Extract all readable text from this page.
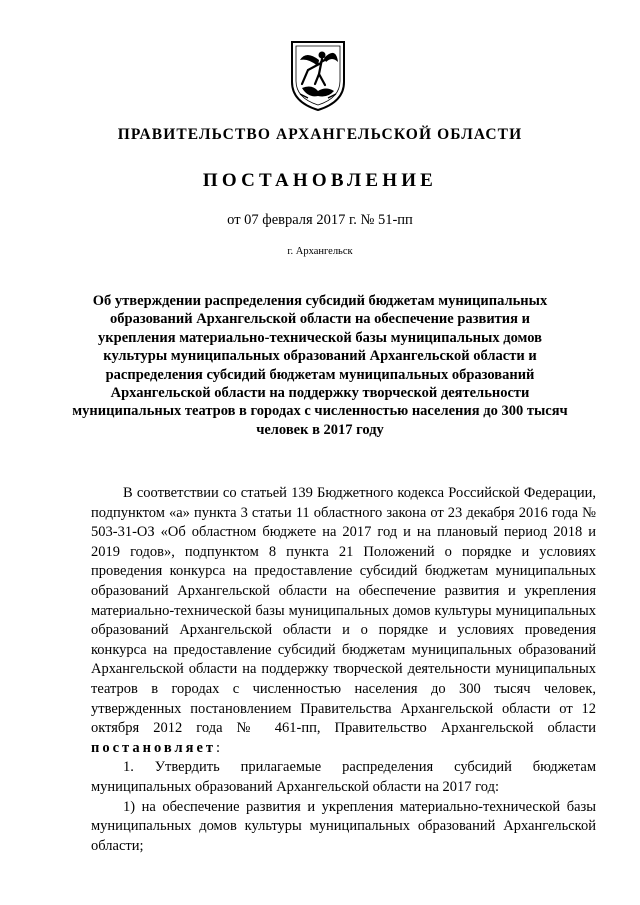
ПРАВИТЕЛЬСТВО АРХАНГЕЛЬСКОЙ ОБЛАСТИ
ПОСТАНОВЛЕНИЕ
от 07 февраля 2017 г. № 51-пп
г. Архангельск
Об утверждении распределения субсидий бюджетам муниципальных образований Архангельской области на обеспечение развития и укрепления материально-технической базы муниципальных домов культуры муниципальных образований Архангельской области и распределения субсидий бюджетам муниципальных образований Архангельской области на поддержку творческой деятельности муниципальных театров в городах с численностью населения до 300 тысяч человек в 2017 году

В соответствии со статьей 139 Бюджетного кодекса Российской Федерации, подпунктом «а» пункта 3 статьи 11 областного закона от 23 декабря 2016 года № 503-31-ОЗ «Об областном бюджете на 2017 год и на плановый период 2018 и 2019 годов», подпунктом 8 пункта 21 Положений о порядке и условиях проведения конкурса на предоставление субсидий бюджетам муниципальных образований Архангельской области на обеспечение развития и укрепления материально-технической базы муниципальных домов культуры муниципальных образований Архангельской области и о порядке и условиях проведения конкурса на предоставление субсидий бюджетам муниципальных образований Архангельской области на поддержку творческой деятельности муниципальных театров в городах с численностью населения до 300 тысяч человек, утвержденных постановлением Правительства Архангельской области от 12 октября 2012 года № 461-пп, Правительство Архангельской области постановляет:

1. Утвердить прилагаемые распределения субсидий бюджетам муниципальных образований Архангельской области на 2017 год:

1) на обеспечение развития и укрепления материально-технической базы муниципальных домов культуры муниципальных образований Архангельской области;
